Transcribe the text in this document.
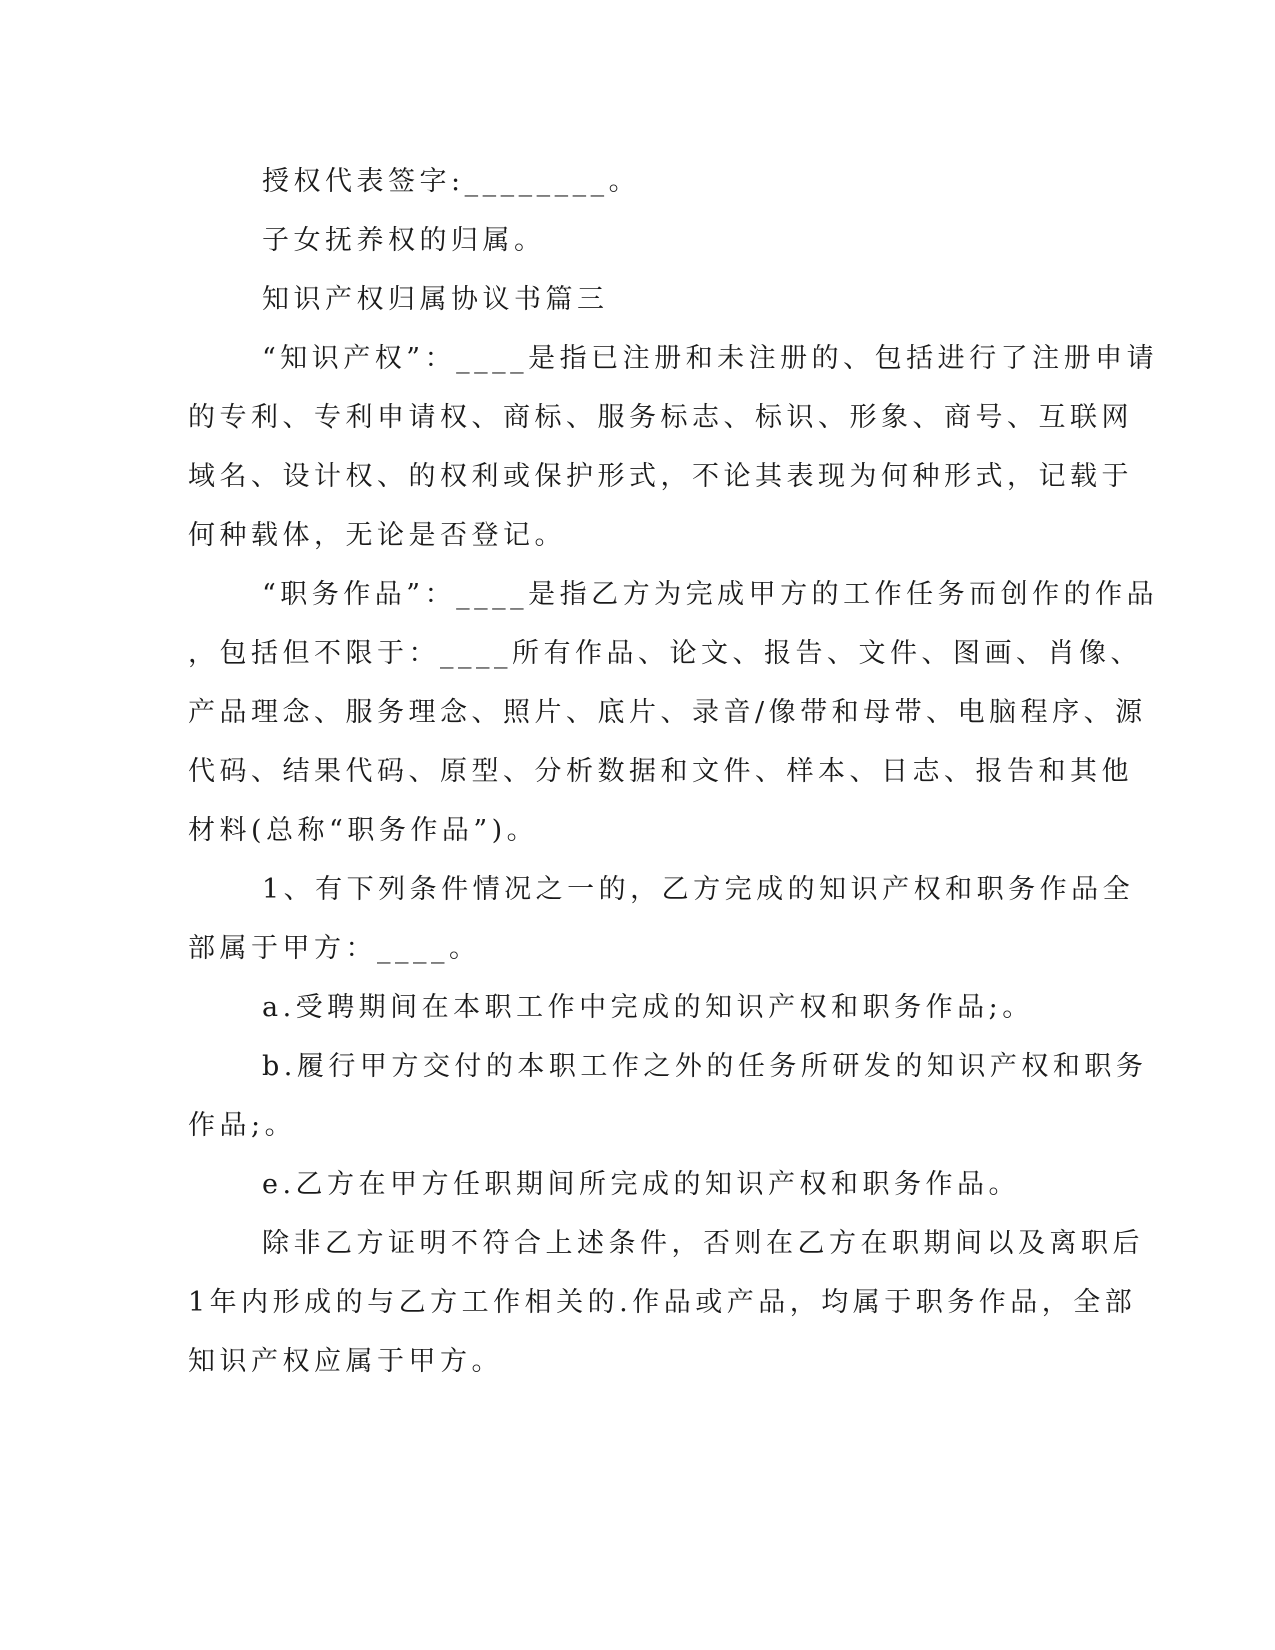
授权代表签字:________。

子女抚养权的归属。

知识产权归属协议书篇三

“知识产权”：____是指已注册和未注册的、包括进行了注册申请

的专利、专利申请权、商标、服务标志、标识、形象、商号、互联网

域名、设计权、的权利或保护形式，不论其表现为何种形式，记载于

何种载体，无论是否登记。

“职务作品”：____是指乙方为完成甲方的工作任务而创作的作品

，包括但不限于：____所有作品、论文、报告、文件、图画、肖像、

产品理念、服务理念、照片、底片、录音/像带和母带、电脑程序、源

代码、结果代码、原型、分析数据和文件、样本、日志、报告和其他

材料(总称“职务作品”)。

1、有下列条件情况之一的，乙方完成的知识产权和职务作品全

部属于甲方：____。

a.受聘期间在本职工作中完成的知识产权和职务作品;。

b.履行甲方交付的本职工作之外的任务所研发的知识产权和职务

作品;。

e.乙方在甲方任职期间所完成的知识产权和职务作品。

除非乙方证明不符合上述条件，否则在乙方在职期间以及离职后

1年内形成的与乙方工作相关的.作品或产品，均属于职务作品，全部

知识产权应属于甲方。
